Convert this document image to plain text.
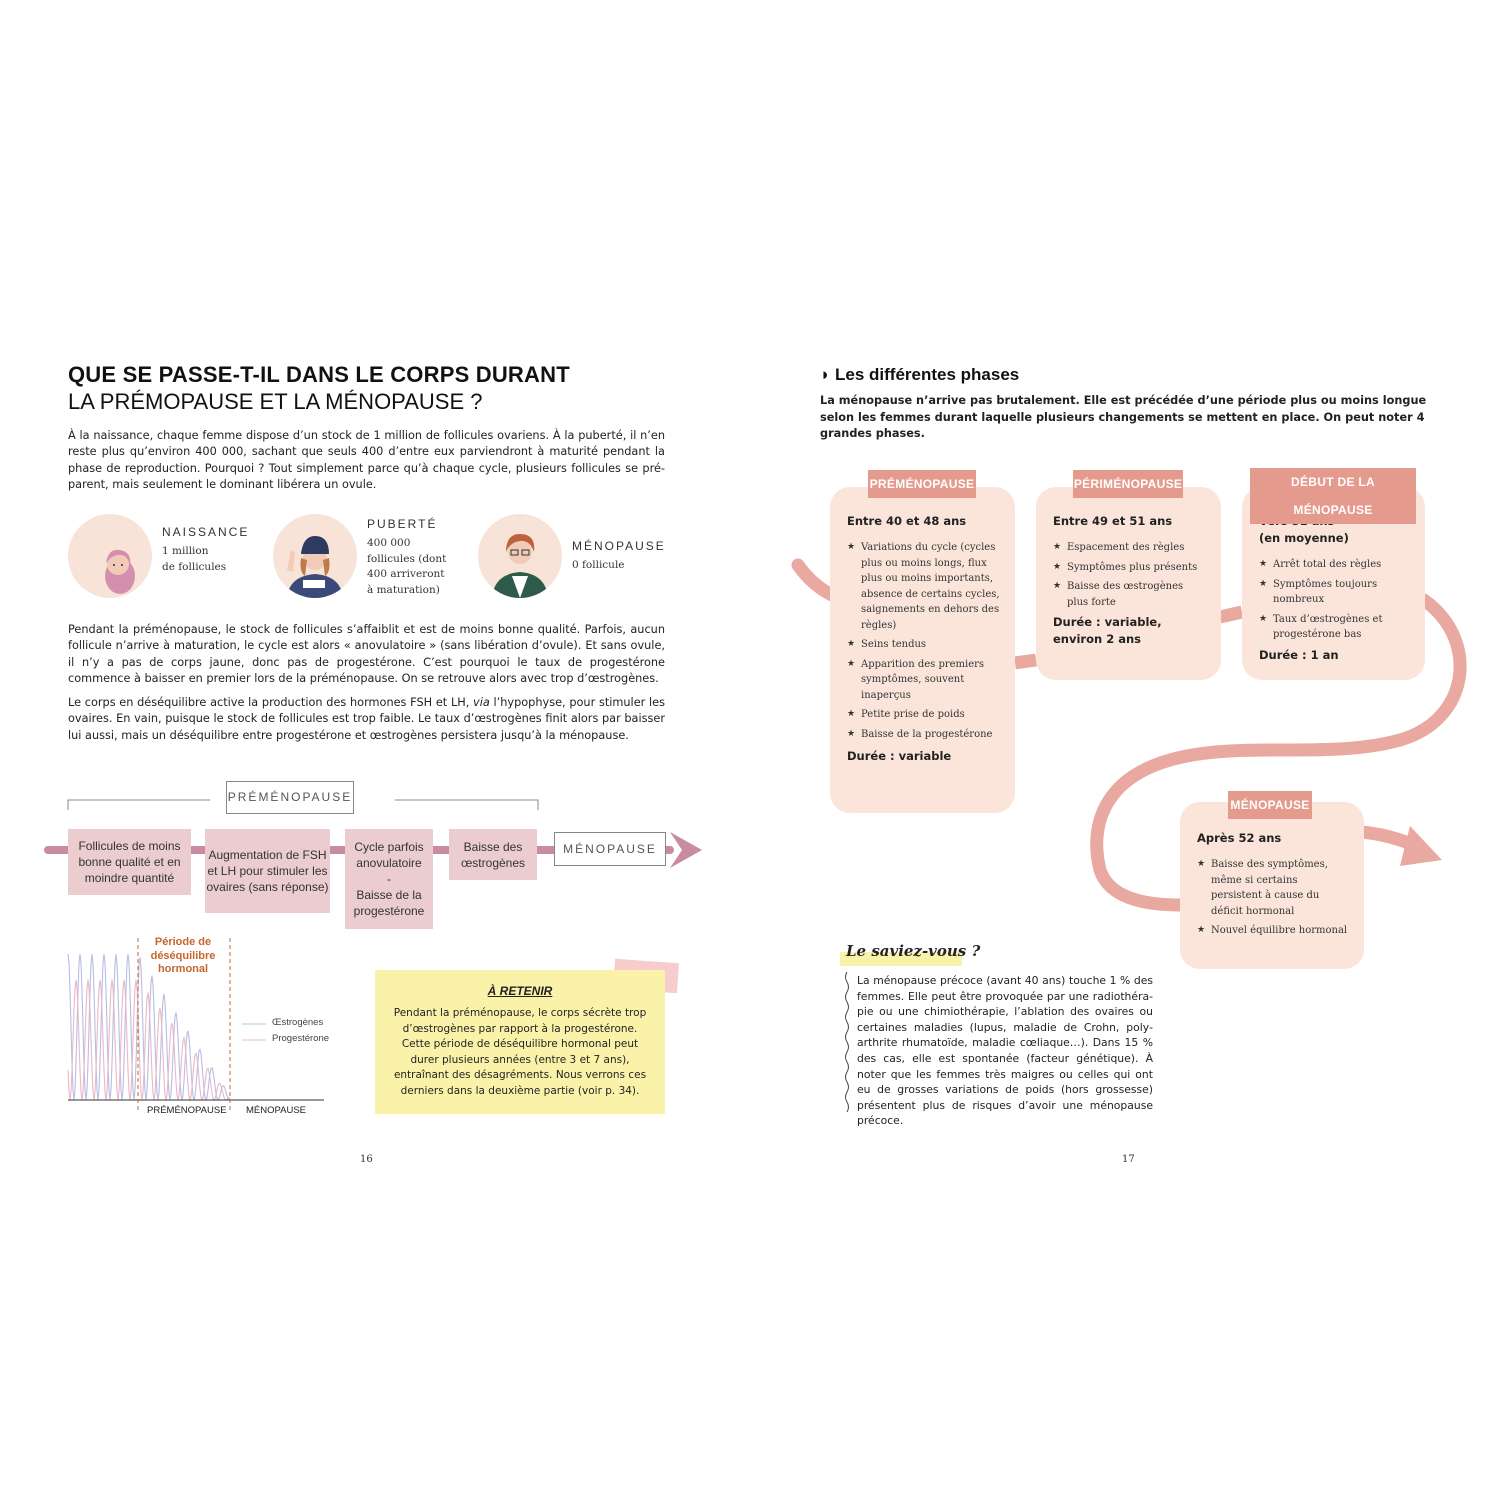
QUE SE PASSE-T-IL DANS LE CORPS DURANT
LA PRÉMOPAUSE ET LA MÉNOPAUSE ?
À la naissance, chaque femme dispose d’un stock de 1 million de follicules ovariens. À la puberté, il n’en reste plus qu’environ 400 000, sachant que seuls 400 d’entre eux parviendront à maturité pendant la phase de reproduction. Pourquoi ? Tout simplement parce qu’à chaque cycle, plusieurs follicules se préparent, mais seulement le dominant libérera un ovule.
NAISSANCE
1 million
de follicules
PUBERTÉ
400 000
follicules (dont
400 arriveront
à maturation)
MÉNOPAUSE
0 follicule
Pendant la préménopause, le stock de follicules s’affaiblit et est de moins bonne qualité. Parfois, aucun follicule n’arrive à maturation, le cycle est alors « anovulatoire » (sans libération d’ovule). Et sans ovule, il n’y a pas de corps jaune, donc pas de progestérone. C’est pourquoi le taux de progestérone commence à baisser en premier lors de la préménopause. On se retrouve alors avec trop d’œstrogènes.
Le corps en déséquilibre active la production des hormones FSH et LH, via l’hypophyse, pour stimuler les ovaires. En vain, puisque le stock de follicules est trop faible. Le taux d’œstrogènes finit alors par baisser lui aussi, mais un déséquilibre entre progestérone et œstrogènes persistera jusqu’à la ménopause.
PRÉMÉNOPAUSE
Follicules de moins bonne qualité et en moindre quantité
Augmentation de FSH et LH pour stimuler les ovaires (sans réponse)
Cycle parfois anovulatoire
-
Baisse de la progestérone
Baisse des œstrogènes
MÉNOPAUSE
Période de déséquilibre hormonal
Œstrogènes
Progestérone
PRÉMÉNOPAUSE MÉNOPAUSE
À RETENIR
Pendant la préménopause, le corps sécrète trop d’œstrogènes par rapport à la progestérone. Cette période de déséquilibre hormonal peut durer plusieurs années (entre 3 et 7 ans), entraînant des désagréments. Nous verrons ces derniers dans la deuxième partie (voir p. 34).
16
◗ Les différentes phases
La ménopause n’arrive pas brutalement. Elle est précédée d’une période plus ou moins longue selon les femmes durant laquelle plusieurs changements se mettent en place. On peut noter 4 grandes phases.
Entre 40 et 48 ans
★ Variations du cycle (cycles plus ou moins longs, flux plus ou moins importants, absence de certains cycles, saignements en dehors des règles)
★ Seins tendus
★ Apparition des premiers symptômes, souvent inaperçus
★ Petite prise de poids
★ Baisse de la progestérone
Durée : variable
PRÉMÉNOPAUSE
Entre 49 et 51 ans
★ Espacement des règles
★ Symptômes plus présents
★ Baisse des œstrogènes plus forte
Durée : variable, environ 2 ans
PÉRIMÉNOPAUSE
(en moyenne)
★ Arrêt total des règles
★ Symptômes toujours nombreux
★ Taux d’œstrogènes et progestérone bas
Durée : 1 an
DÉBUT DE LA MÉNOPAUSE
Après 52 ans
★ Baisse des symptômes, même si certains persistent à cause du déficit hormonal
★ Nouvel équilibre hormonal
MÉNOPAUSE
Le saviez-vous ?
La ménopause précoce (avant 40 ans) touche 1 % des femmes. Elle peut être provoquée par une radiothérapie ou une chimiothérapie, l’ablation des ovaires ou certaines maladies (lupus, maladie de Crohn, polyarthrite rhumatoïde, maladie cœliaque…). Dans 15 % des cas, elle est spontanée (facteur génétique). À noter que les femmes très maigres ou celles qui ont eu de grosses variations de poids (hors grossesse) présentent plus de risques d’avoir une ménopause précoce.
17
